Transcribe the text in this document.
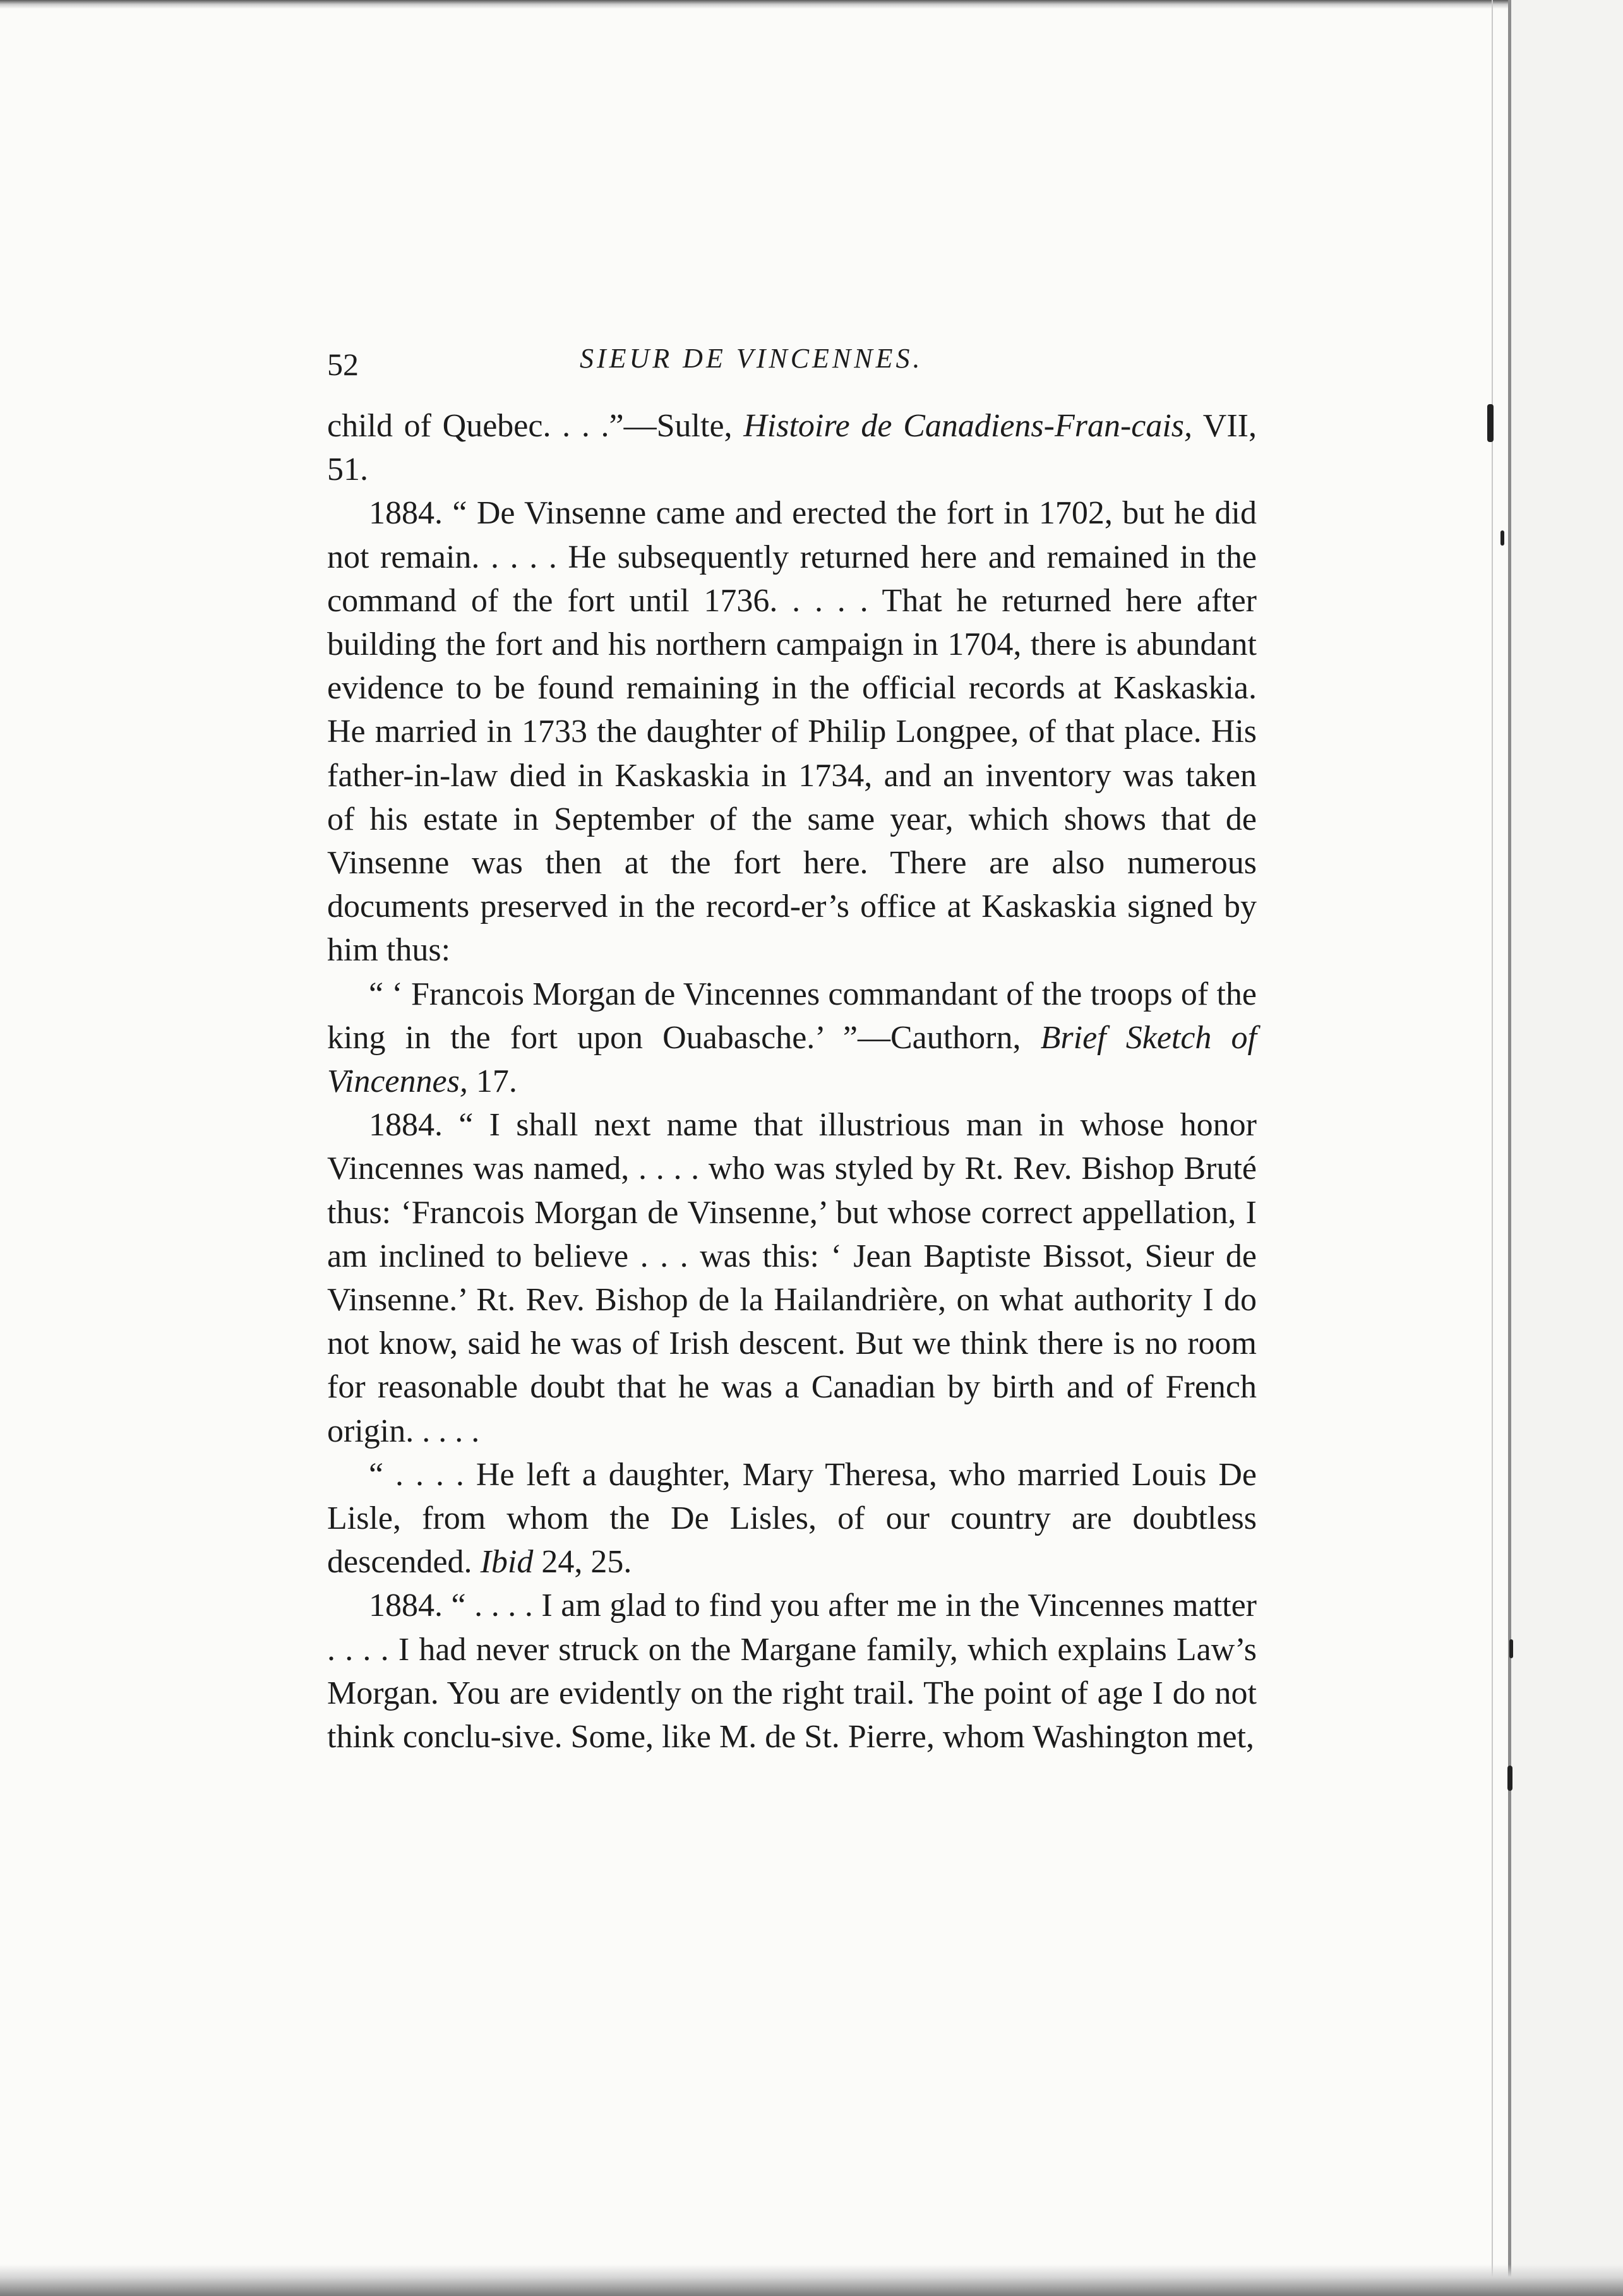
52	SIEUR DE VINCENNES.

child of Quebec. . . .”—Sulte, Histoire de Canadiens-Fran-cais, VII, 51.

1884. “ De Vinsenne came and erected the fort in 1702, but he did not remain. . . . . He subsequently returned here and remained in the command of the fort until 1736. . . . . That he returned here after building the fort and his northern campaign in 1704, there is abundant evidence to be found remaining in the official records at Kaskaskia. He married in 1733 the daughter of Philip Longpee, of that place. His father-in-law died in Kaskaskia in 1734, and an inventory was taken of his estate in September of the same year, which shows that de Vinsenne was then at the fort here. There are also numerous documents preserved in the record-er’s office at Kaskaskia signed by him thus:

“ ‘ Francois Morgan de Vincennes commandant of the troops of the king in the fort upon Ouabasche.’ ”—Cauthorn, Brief Sketch of Vincennes, 17.

1884. “ I shall next name that illustrious man in whose honor Vincennes was named, . . . . who was styled by Rt. Rev. Bishop Bruté thus: ‘Francois Morgan de Vinsenne,’ but whose correct appellation, I am inclined to believe . . . was this: ‘ Jean Baptiste Bissot, Sieur de Vinsenne.’ Rt. Rev. Bishop de la Hailandrière, on what authority I do not know, said he was of Irish descent. But we think there is no room for reasonable doubt that he was a Canadian by birth and of French origin. . . . .

“ . . . . He left a daughter, Mary Theresa, who married Louis De Lisle, from whom the De Lisles, of our country are doubtless descended. Ibid 24, 25.

1884. “ . . . . I am glad to find you after me in the Vincennes matter . . . . I had never struck on the Margane family, which explains Law’s Morgan. You are evidently on the right trail. The point of age I do not think conclu-sive. Some, like M. de St. Pierre, whom Washington met,
